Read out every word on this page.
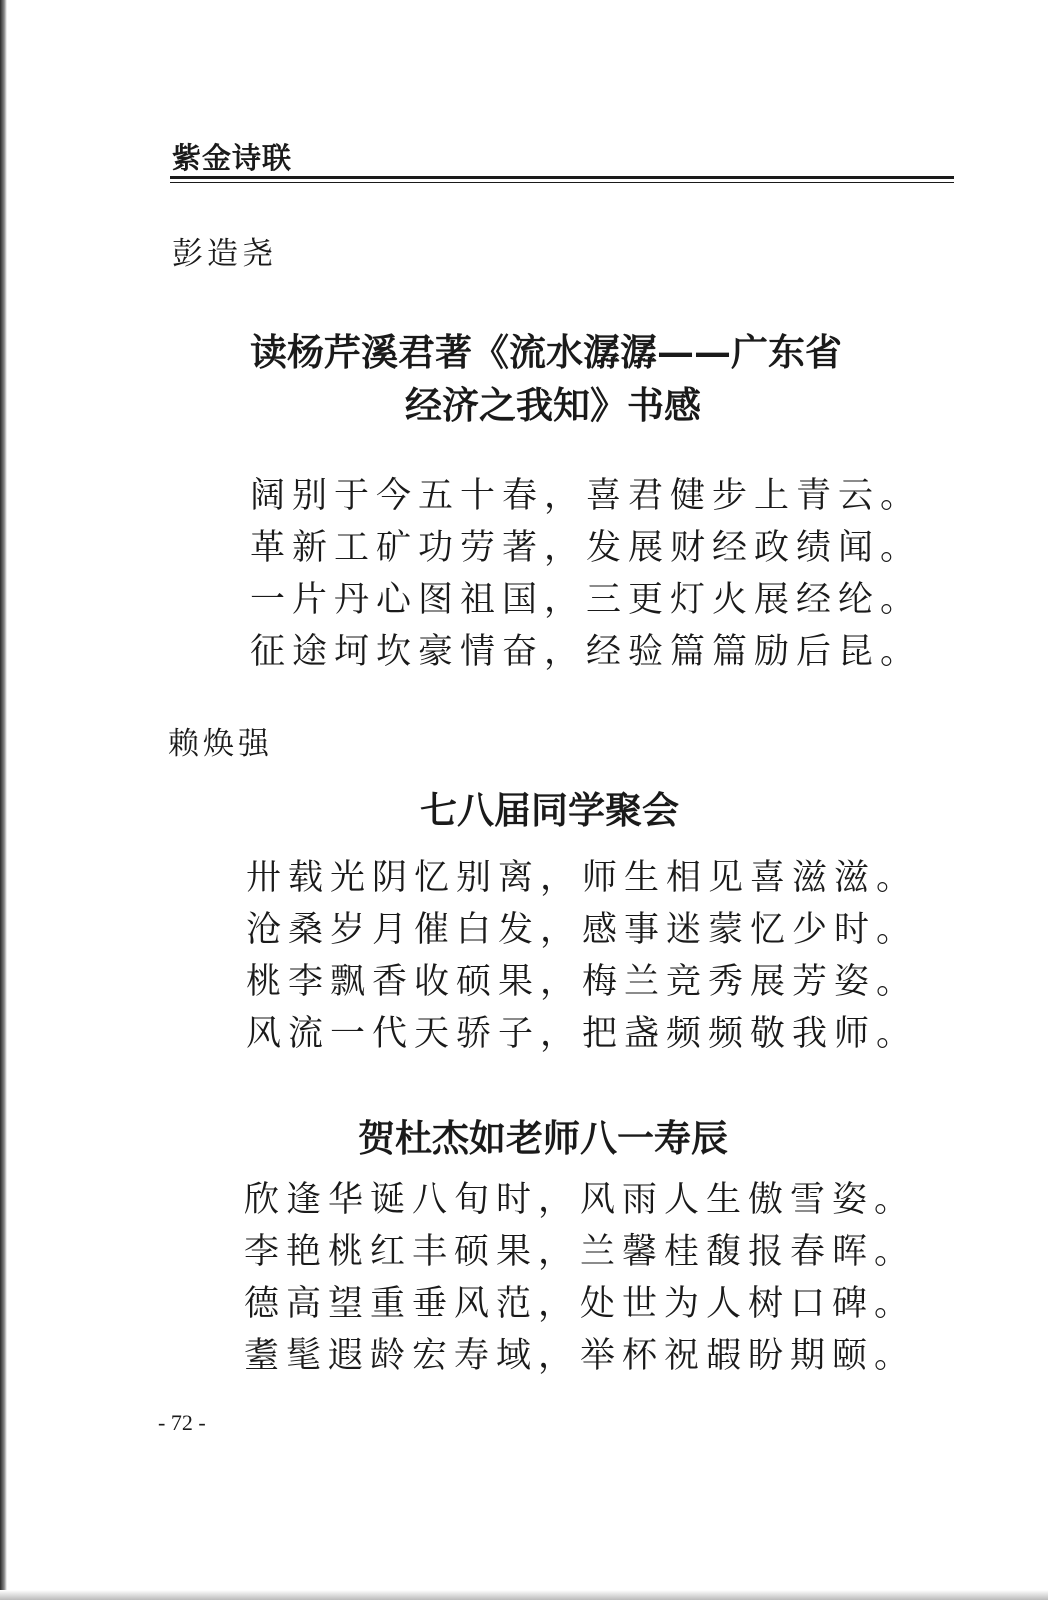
紫金诗联
彭造尧
读杨芹溪君著《流水潺潺——广东省
经济之我知》书感
阔别于今五十春，喜君健步上青云。
革新工矿功劳著，发展财经政绩闻。
一片丹心图祖国，三更灯火展经纶。
征途坷坎豪情奋，经验篇篇励后昆。
赖焕强
七八届同学聚会
卅载光阴忆别离，师生相见喜滋滋。
沧桑岁月催白发，感事迷蒙忆少时。
桃李飘香收硕果，梅兰竞秀展芳姿。
风流一代天骄子，把盏频频敬我师。
贺杜杰如老师八一寿辰
欣逢华诞八旬时，风雨人生傲雪姿。
李艳桃红丰硕果，兰馨桂馥报春晖。
德高望重垂风范，处世为人树口碑。
耋髦遐龄宏寿域，举杯祝嘏盼期颐。
- 72 -
